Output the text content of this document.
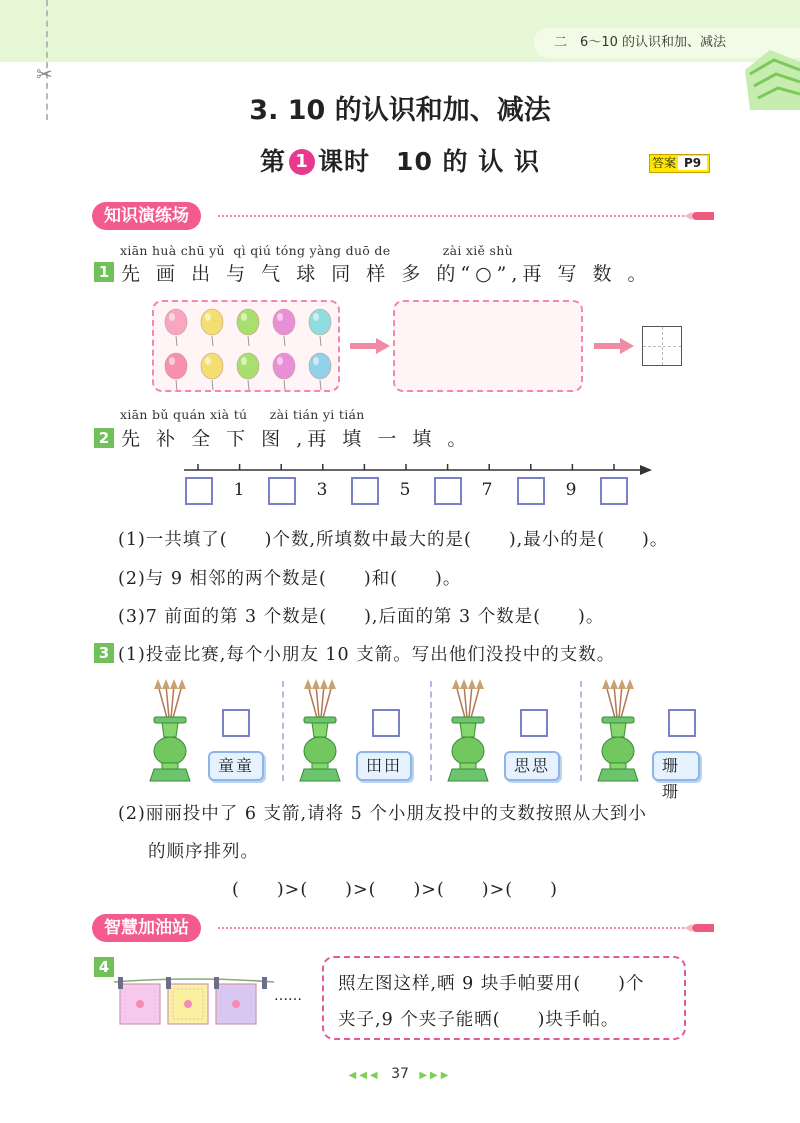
✂
二　6～10 的认识和加、减法
3. 10 的认识和加、减法
第 1 课时　10 的 认 识	答案 P9
知识演练场
xiān huà chū yǔ qì qiú tóng yàng duō de	zài xiě shù
1 先 画 出 与 气 球 同 样 多 的“○”,再 写 数 。
xiān bǔ quán xià tú zài tián yi tián
2 先 补 全 下 图 ,再 填 一 填 。
1	3	5	7	9
(1)一共填了(　　)个数,所填数中最大的是(　　),最小的是(　　)。
(2)与 9 相邻的两个数是(　　)和(　　)。
(3)7 前面的第 3 个数是(　　),后面的第 3 个数是(　　)。
3 (1)投壶比赛,每个小朋友 10 支箭。写出他们没投中的支数。
童童	田田	思思	珊珊
(2)丽丽投中了 6 支箭,请将 5 个小朋友投中的支数按照从大到小
的顺序排列。
(　　)>(　　)>(　　)>(　　)>(　　)
智慧加油站
4
……
照左图这样,晒 9 块手帕要用(　　)个
夹子,9 个夹子能晒(　　)块手帕。
◀◀◀ 37 ▶▶▶
